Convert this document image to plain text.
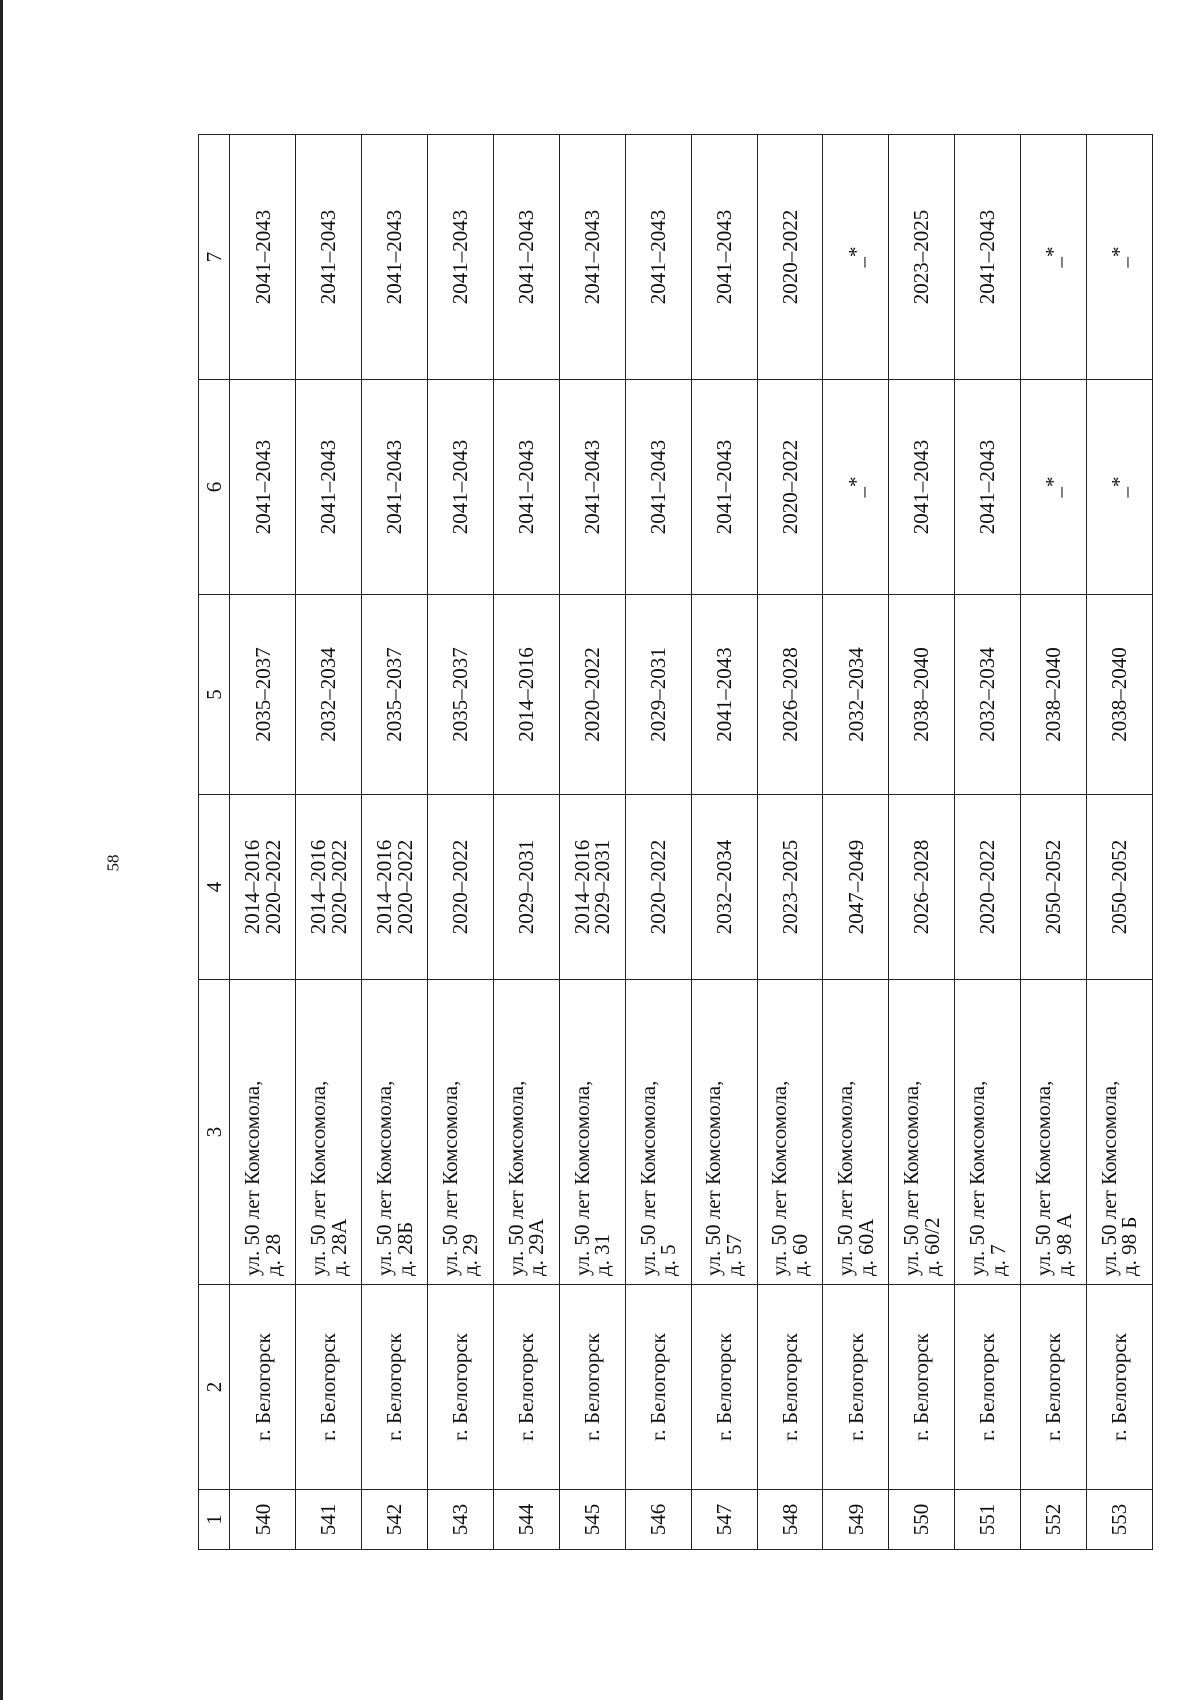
58
1	2	3	4	5	6	7

540	г. Белогорск	ул. 50 лет Комсомола,
д. 28	2014–2016
2020–2022	2035–2037	2041–2043	2041–2043

541	г. Белогорск	ул. 50 лет Комсомола,
д. 28А	2014–2016
2020–2022	2032–2034	2041–2043	2041–2043

542	г. Белогорск	ул. 50 лет Комсомола,
д. 28Б	2014–2016
2020–2022	2035–2037	2041–2043	2041–2043

543	г. Белогорск	ул. 50 лет Комсомола,
д. 29	2020–2022	2035–2037	2041–2043	2041–2043

544	г. Белогорск	ул. 50 лет Комсомола,
д. 29А	2029–2031	2014–2016	2041–2043	2041–2043

545	г. Белогорск	ул. 50 лет Комсомола,
д. 31	2014–2016
2029–2031	2020–2022	2041–2043	2041–2043

546	г. Белогорск	ул. 50 лет Комсомола,
д. 5	2020–2022	2029–2031	2041–2043	2041–2043

547	г. Белогорск	ул. 50 лет Комсомола,
д. 57	2032–2034	2041–2043	2041–2043	2041–2043

548	г. Белогорск	ул. 50 лет Комсомола,
д. 60	2023–2025	2026–2028	2020–2022	2020–2022

549	г. Белогорск	ул. 50 лет Комсомола,
д. 60А	2047–2049	2032–2034	_*	_*

550	г. Белогорск	ул. 50 лет Комсомола,
д. 60/2	2026–2028	2038–2040	2041–2043	2023–2025

551	г. Белогорск	ул. 50 лет Комсомола,
д. 7	2020–2022	2032–2034	2041–2043	2041–2043

552	г. Белогорск	ул. 50 лет Комсомола,
д. 98 А	2050–2052	2038–2040	_*	_*

553	г. Белогорск	ул. 50 лет Комсомола,
д. 98 Б	2050–2052	2038–2040	_*	_*
